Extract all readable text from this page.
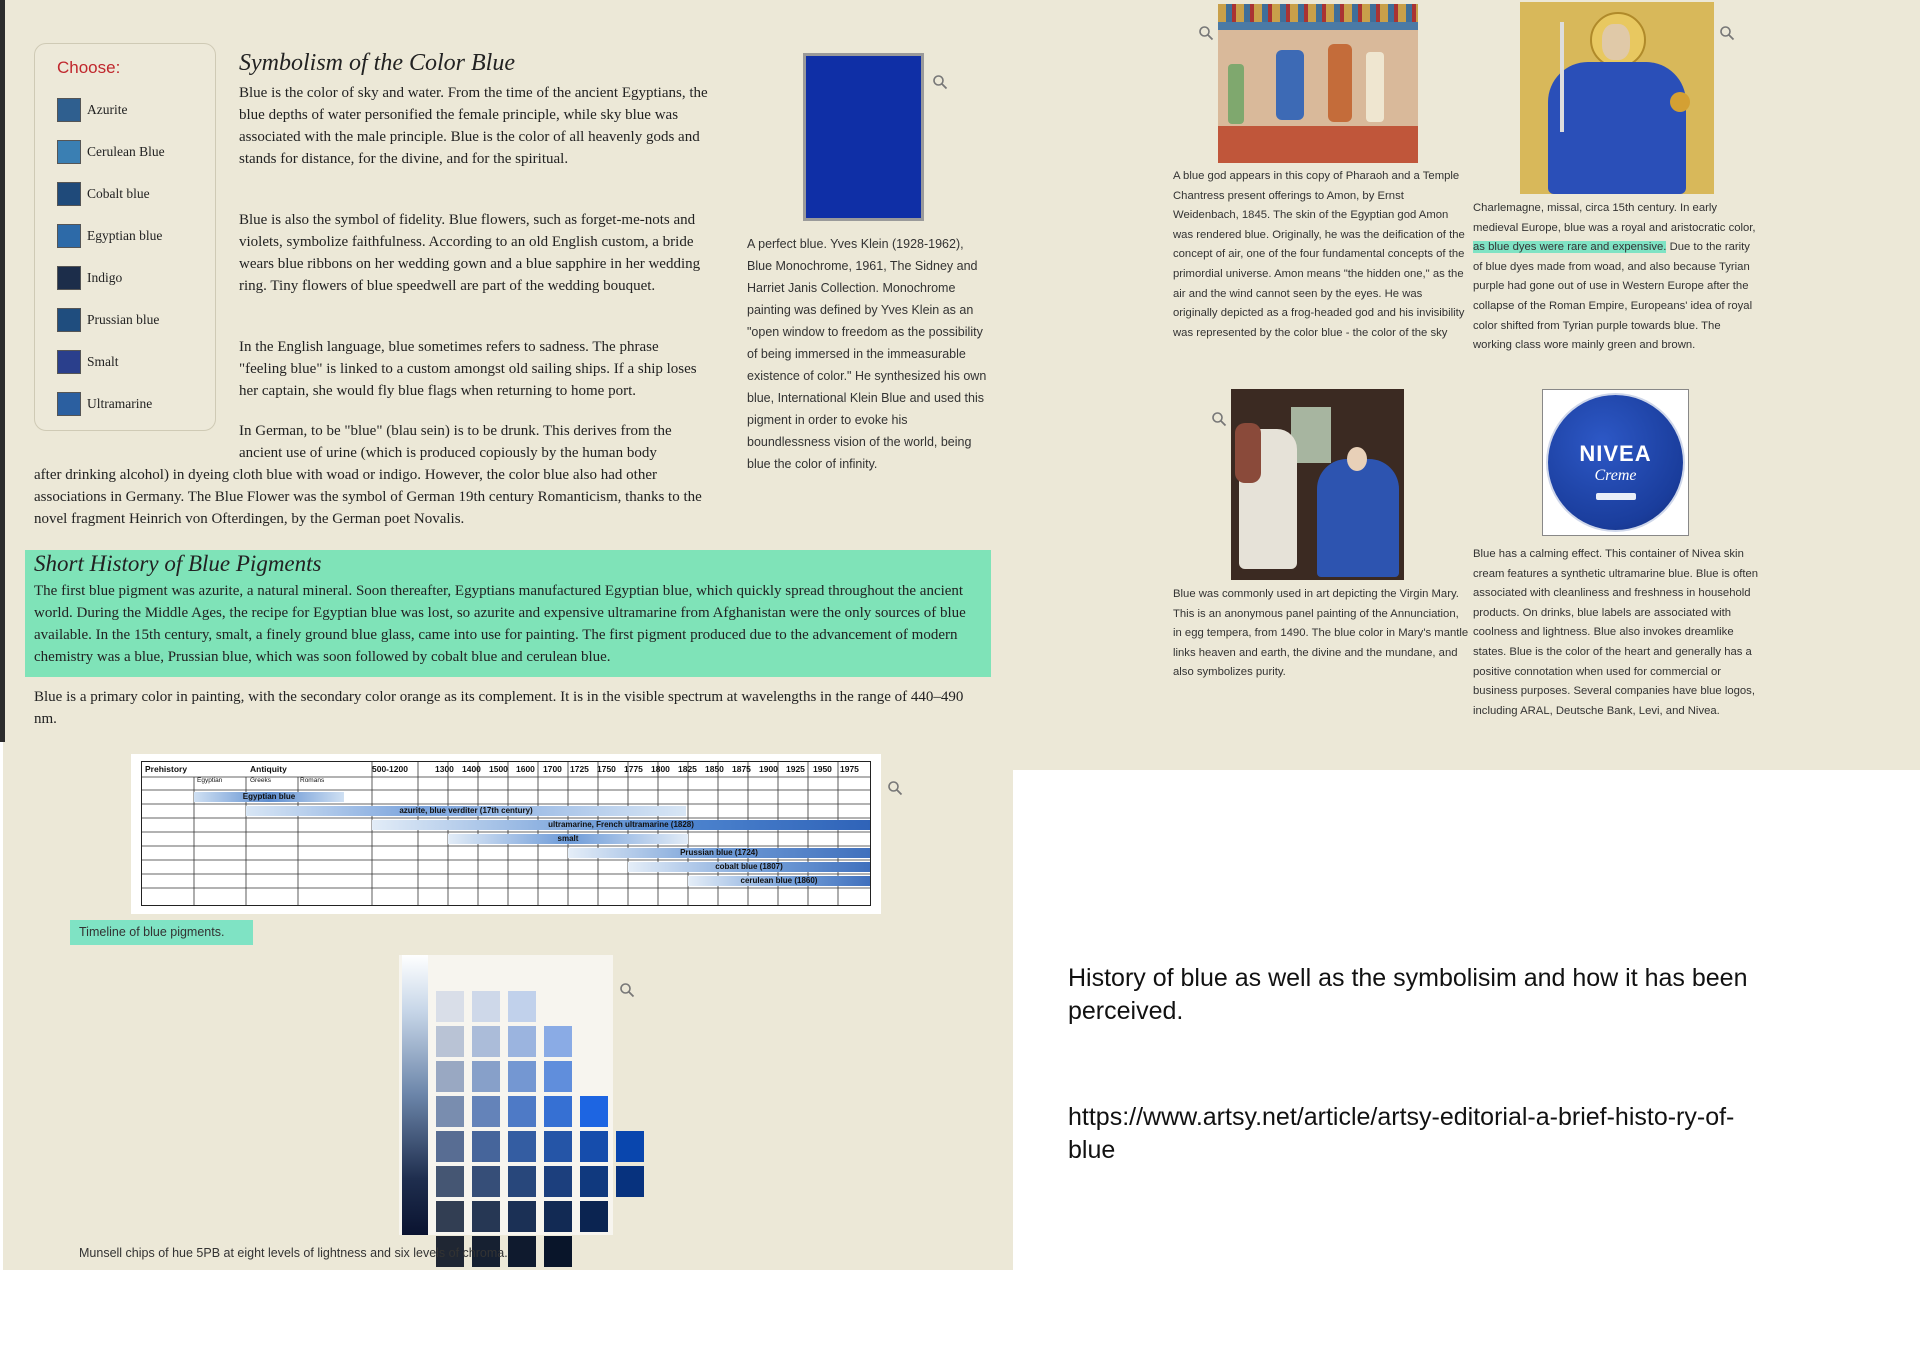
Choose:
Azurite
Cerulean Blue
Cobalt blue
Egyptian blue
Indigo
Prussian blue
Smalt
Ultramarine
Symbolism of the Color Blue

Blue is the color of sky and water. From the time of the ancient Egyptians, the blue depths of water personified the female principle, while sky blue was associated with the male principle. Blue is the color of all heavenly gods and stands for distance, for the divine, and for the spiritual.

Blue is also the symbol of fidelity. Blue flowers, such as forget-me-nots and violets, symbolize faithfulness. According to an old English custom, a bride wears blue ribbons on her wedding gown and a blue sapphire in her wedding ring. Tiny flowers of blue speedwell are part of the wedding bouquet.

In the English language, blue sometimes refers to sadness. The phrase "feeling blue" is linked to a custom amongst old sailing ships. If a ship loses her captain, she would fly blue flags when returning to home port.

In German, to be "blue" (blau sein) is to be drunk. This derives from the ancient use of urine (which is produced copiously by the human body

after drinking alcohol) in dyeing cloth blue with woad or indigo. However, the color blue also had other associations in Germany. The Blue Flower was the symbol of German 19th century Romanticism, thanks to the novel fragment Heinrich von Ofterdingen, by the German poet Novalis.

A perfect blue. Yves Klein (1928-1962), Blue Monochrome, 1961, The Sidney and Harriet Janis Collection. Monochrome painting was defined by Yves Klein as an "open window to freedom as the possibility of being immersed in the immeasurable existence of color." He synthesized his own blue, International Klein Blue and used this pigment in order to evoke his boundlessness vision of the world, being blue the color of infinity.

Short History of Blue Pigments

The first blue pigment was azurite, a natural mineral. Soon thereafter, Egyptians manufactured Egyptian blue, which quickly spread throughout the ancient world. During the Middle Ages, the recipe for Egyptian blue was lost, so azurite and expensive ultramarine from Afghanistan were the only sources of blue available. In the 15th century, smalt, a finely ground blue glass, came into use for painting. The first pigment produced due to the advancement of modern chemistry was a blue, Prussian blue, which was soon followed by cobalt blue and cerulean blue.

Blue is a primary color in painting, with the secondary color orange as its complement. It is in the visible spectrum at wavelengths in the range of 440–490 nm.

Prehistory	Antiquity	500-1200	1300 1400 1500 1600 1700 1725 1750 1775 1800 1825 1850 1875 1900 1925 1950 1975
Egyptian	Greeks	Romans
Egyptian blue
azurite, blue verditer (17th century)
ultramarine, French ultramarine (1828)
smalt
Prussian blue (1724)
cobalt blue (1807)
cerulean blue (1860)

Timeline of blue pigments.

Munsell chips of hue 5PB at eight levels of lightness and six levels of chroma.

A blue god appears in this copy of Pharaoh and a Temple Chantress present offerings to Amon, by Ernst Weidenbach, 1845. The skin of the Egyptian god Amon was rendered blue. Originally, he was the deification of the concept of air, one of the four fundamental concepts of the primordial universe. Amon means "the hidden one," as the air and the wind cannot seen by the eyes. He was originally depicted as a frog-headed god and his invisibility was represented by the color blue - the color of the sky

Charlemagne, missal, circa 15th century. In early medieval Europe, blue was a royal and aristocratic color, as blue dyes were rare and expensive. Due to the rarity of blue dyes made from woad, and also because Tyrian purple had gone out of use in Western Europe after the collapse of the Roman Empire, Europeans' idea of royal color shifted from Tyrian purple towards blue. The working class wore mainly green and brown.

Blue was commonly used in art depicting the Virgin Mary. This is an anonymous panel painting of the Annunciation, in egg tempera, from 1490. The blue color in Mary's mantle links heaven and earth, the divine and the mundane, and also symbolizes purity.

NIVEA
Creme

Blue has a calming effect. This container of Nivea skin cream features a synthetic ultramarine blue. Blue is often associated with cleanliness and freshness in household products. On drinks, blue labels are associated with coolness and lightness. Blue also invokes dreamlike states. Blue is the color of the heart and generally has a positive connotation when used for commercial or business purposes. Several companies have blue logos, including ARAL, Deutsche Bank, Levi, and Nivea.

History of blue as well as the symbolisim and how it has been perceived.

https://www.artsy.net/article/artsy-editorial-a-brief-histo-ry-of-blue
